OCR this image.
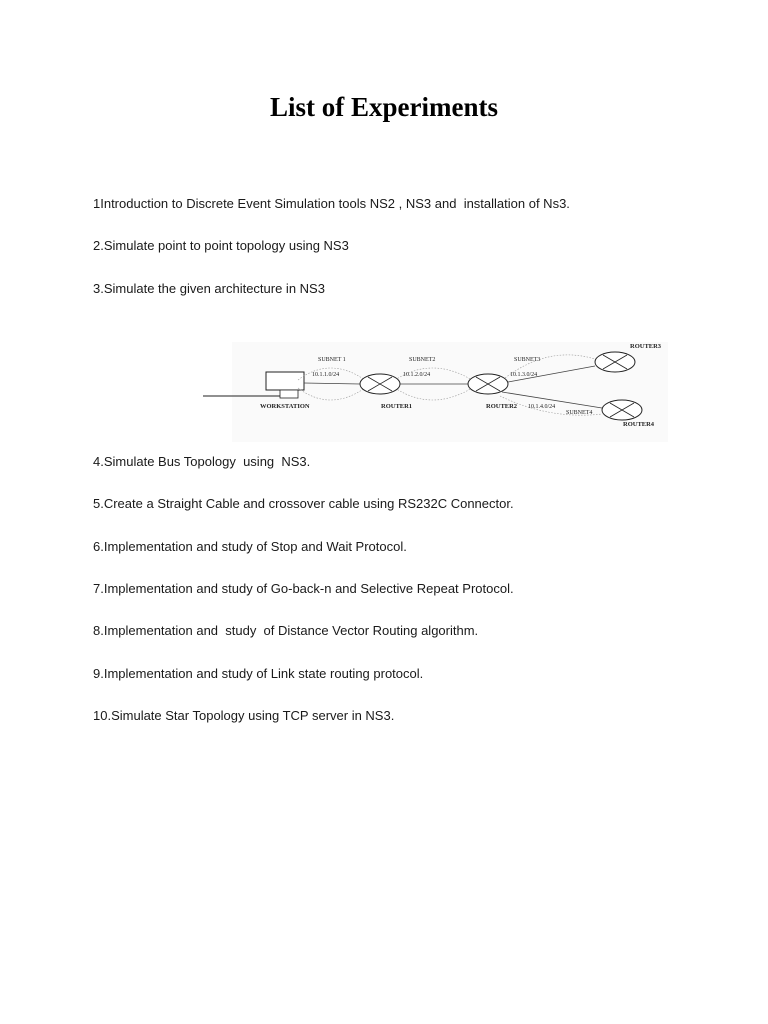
List of Experiments
1Introduction to Discrete Event Simulation tools NS2 , NS3 and  installation of Ns3.
2.Simulate point to point topology using NS3
3.Simulate the given architecture in NS3
SUBNET 1
10.1.1.0/24
SUBNET2
10.1.2.0/24
SUBNET3
10.1.3.0/24
10.1.4.0/24
SUBNET4
WORKSTATION	ROUTER1	ROUTER2
ROUTER3
ROUTER4
4.Simulate Bus Topology  using  NS3.
5.Create a Straight Cable and crossover cable using RS232C Connector.
6.Implementation and study of Stop and Wait Protocol.
7.Implementation and study of Go-back-n and Selective Repeat Protocol.
8.Implementation and  study  of Distance Vector Routing algorithm.
9.Implementation and study of Link state routing protocol.
10.Simulate Star Topology using TCP server in NS3.
